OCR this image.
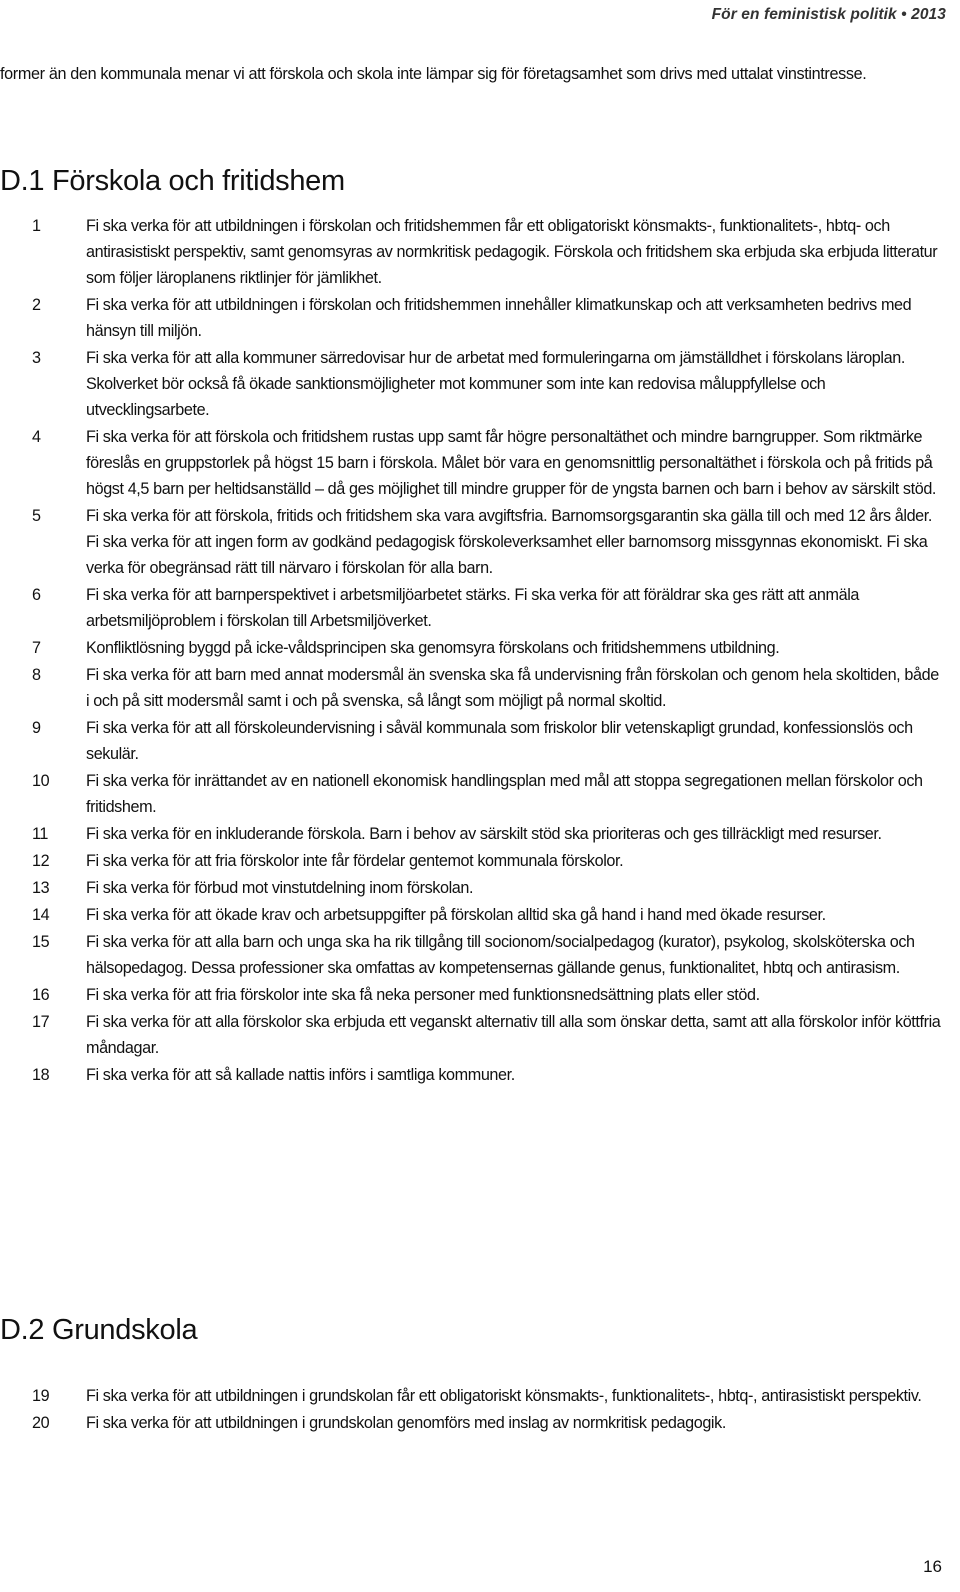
För en feministisk politik • 2013

former än den kommunala menar vi att förskola och skola inte lämpar sig för företagsamhet som drivs med uttalat vinstintresse.

D.1 Förskola och fritidshem
1	Fi ska verka för att utbildningen i förskolan och fritidshemmen får ett obligatoriskt könsmakts-, funktionalitets-, hbtq- och antirasistiskt perspektiv, samt genomsyras av normkritisk pedagogik. Förskola och fritidshem ska erbjuda ska erbjuda litteratur som följer läroplanens riktlinjer för jämlikhet.
2	Fi ska verka för att utbildningen i förskolan och fritidshemmen innehåller klimatkunskap och att verksamheten bedrivs med hänsyn till miljön.
3	Fi ska verka för att alla kommuner särredovisar hur de arbetat med formuleringarna om jämställdhet i förskolans läroplan. Skolverket bör också få ökade sanktionsmöjligheter mot kommuner som inte kan redovisa måluppfyllelse och utvecklingsarbete.
4	Fi ska verka för att förskola och fritidshem rustas upp samt får högre personaltäthet och mindre barngrupper. Som riktmärke föreslås en gruppstorlek på högst 15 barn i förskola. Målet bör vara en genomsnittlig personaltäthet i förskola och på fritids på högst 4,5 barn per heltidsanställd – då ges möjlighet till mindre grupper för de yngsta barnen och barn i behov av särskilt stöd.
5	Fi ska verka för att förskola, fritids och fritidshem ska vara avgiftsfria. Barnomsorgsgarantin ska gälla till och med 12 års ålder. Fi ska verka för att ingen form av godkänd pedagogisk förskoleverksamhet eller barnomsorg missgynnas ekonomiskt. Fi ska verka för obegränsad rätt till närvaro i förskolan för alla barn.
6	Fi ska verka för att barnperspektivet i arbetsmiljöarbetet stärks. Fi ska verka för att föräldrar ska ges rätt att anmäla arbetsmiljöproblem i förskolan till Arbetsmiljöverket.
7	Konfliktlösning byggd på icke-våldsprincipen ska genomsyra förskolans och fritidshemmens utbildning.
8	Fi ska verka för att barn med annat modersmål än svenska ska få undervisning från förskolan och genom hela skoltiden, både i och på sitt modersmål samt i och på svenska, så långt som möjligt på normal skoltid.
9	Fi ska verka för att all förskoleundervisning i såväl kommunala som friskolor blir vetenskapligt grundad, konfessionslös och sekulär.
10	Fi ska verka för inrättandet av en nationell ekonomisk handlingsplan med mål att stoppa segregationen mellan förskolor och fritidshem.
11	Fi ska verka för en inkluderande förskola. Barn i behov av särskilt stöd ska prioriteras och ges tillräckligt med resurser.
12	Fi ska verka för att fria förskolor inte får fördelar gentemot kommunala förskolor.
13	Fi ska verka för förbud mot vinstutdelning inom förskolan.
14	Fi ska verka för att ökade krav och arbetsuppgifter på förskolan alltid ska gå hand i hand med ökade resurser.
15	Fi ska verka för att alla barn och unga ska ha rik tillgång till socionom/socialpedagog (kurator), psykolog, skolsköterska och hälsopedagog. Dessa professioner ska omfattas av kompetensernas gällande genus, funktionalitet, hbtq och antirasism.
16	Fi ska verka för att fria förskolor inte ska få neka personer med funktionsnedsättning plats eller stöd.
17	Fi ska verka för att alla förskolor ska erbjuda ett veganskt alternativ till alla som önskar detta, samt att alla förskolor inför köttfria måndagar.
18	Fi ska verka för att så kallade nattis införs i samtliga kommuner.
D.2 Grundskola
19	Fi ska verka för att utbildningen i grundskolan får ett obligatoriskt könsmakts-, funktionalitets-, hbtq-, antirasistiskt perspektiv.
20	Fi ska verka för att utbildningen i grundskolan genomförs med inslag av normkritisk pedagogik.
16
